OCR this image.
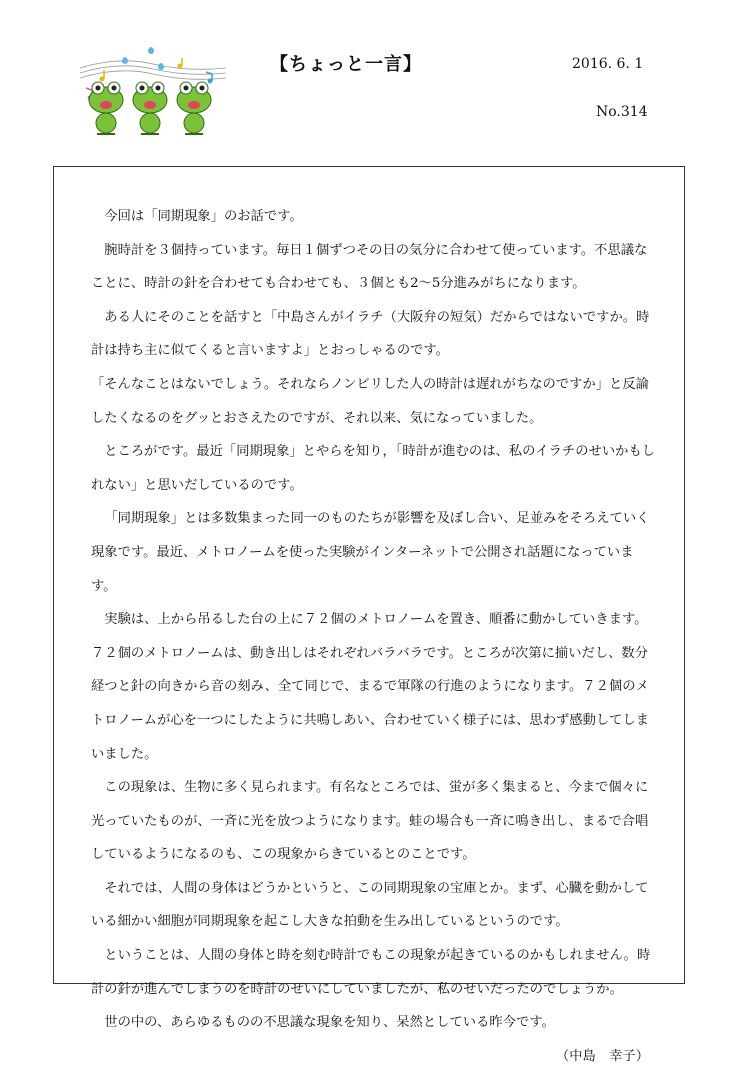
【ちょっと一言】	2016. 6. 1
No.314

今回は「同期現象」のお話です。

腕時計を３個持っています。毎日１個ずつその日の気分に合わせて使っています。不思議なことに、時計の針を合わせても合わせても、３個とも2～5分進みがちになります。

ある人にそのことを話すと「中島さんがイラチ（大阪弁の短気）だからではないですか。時計は持ち主に似てくると言いますよ」とおっしゃるのです。

「そんなことはないでしょう。それならノンビリした人の時計は遅れがちなのですか」と反論したくなるのをグッとおさえたのですが、それ以来、気になっていました。

ところがです。最近「同期現象」とやらを知り，｢時計が進むのは、私のイラチのせいかもしれない」と思いだしているのです。

「同期現象」とは多数集まった同一のものたちが影響を及ぼし合い、足並みをそろえていく現象です。最近、メトロノームを使った実験がインターネットで公開され話題になっています。

実験は、上から吊るした台の上に７２個のメトロノームを置き、順番に動かしていきます。７２個のメトロノームは、動き出しはそれぞれバラバラです。ところが次第に揃いだし、数分経つと針の向きから音の刻み、全て同じで、まるで軍隊の行進のようになります。７２個のメトロノームが心を一つにしたように共鳴しあい、合わせていく様子には、思わず感動してしまいました。

この現象は、生物に多く見られます。有名なところでは、蛍が多く集まると、今まで個々に光っていたものが、一斉に光を放つようになります。蛙の場合も一斉に鳴き出し、まるで合唱しているようになるのも、この現象からきているとのことです。

それでは、人間の身体はどうかというと、この同期現象の宝庫とか。まず、心臓を動かしている細かい細胞が同期現象を起こし大きな拍動を生み出しているというのです。

ということは、人間の身体と時を刻む時計でもこの現象が起きているのかもしれません。時計の針が進んでしまうのを時計のせいにしていましたが、私のせいだったのでしょうか。

世の中の、あらゆるものの不思議な現象を知り、呆然としている昨今です。

（中島　幸子）
